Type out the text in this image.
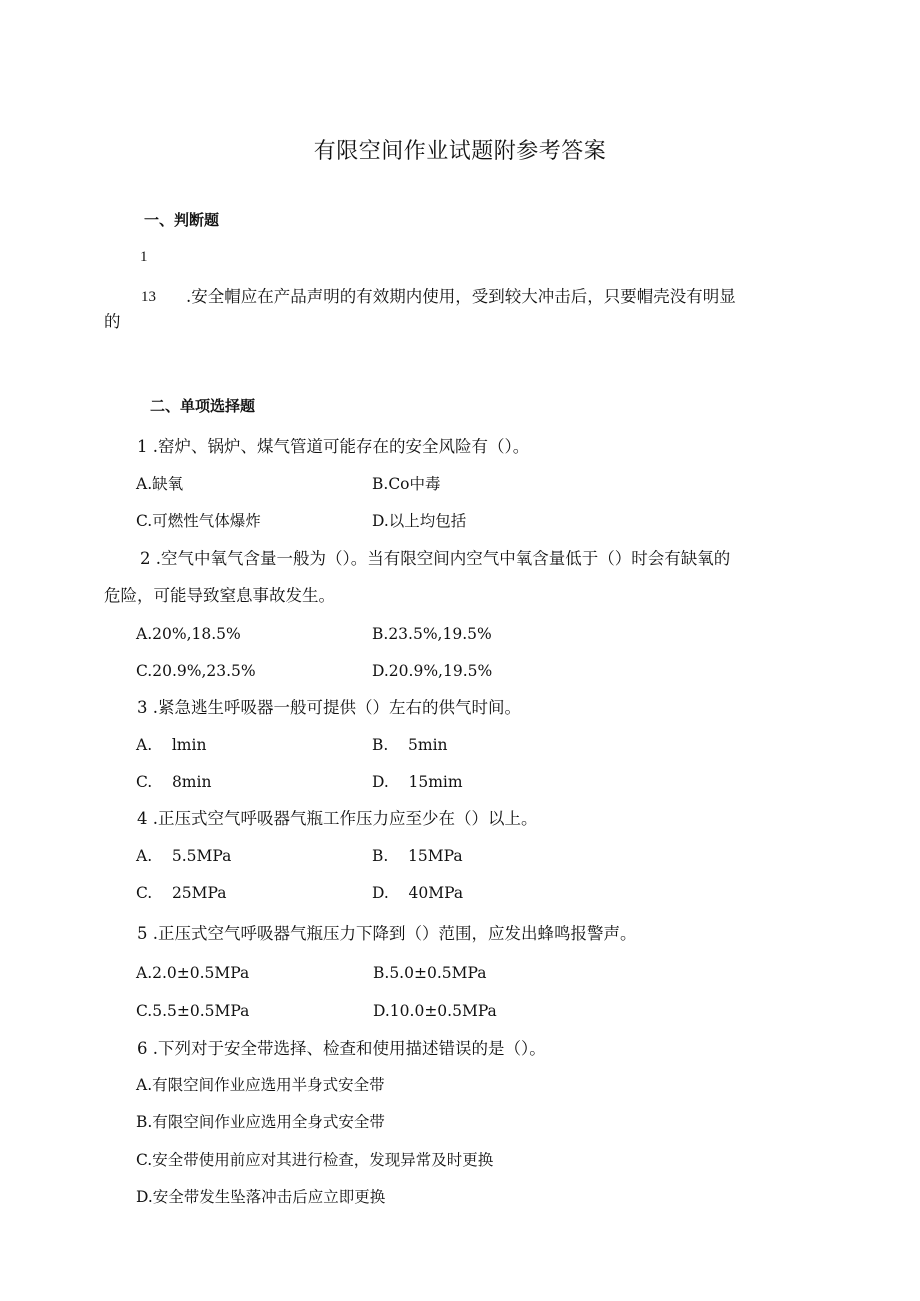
有限空间作业试题附参考答案
一、判断题
1
13 .安全帽应在产品声明的有效期内使用，受到较大冲击后，只要帽壳没有明显
的
二、单项选择题
1 .窑炉、锅炉、煤气管道可能存在的安全风险有（）。
A.缺氧	B.Co中毒
C.可燃性气体爆炸	D.以上均包括
2 .空气中氧气含量一般为（）。当有限空间内空气中氧含量低于（）时会有缺氧的
危险，可能导致窒息事故发生。
A.20%,18.5%	B.23.5%,19.5%
C.20.9%,23.5%	D.20.9%,19.5%
3 .紧急逃生呼吸器一般可提供（）左右的供气时间。
A.    lmin	B.    5min
C.    8min	D.    15mim
4 .正压式空气呼吸器气瓶工作压力应至少在（）以上。
A.    5.5MPa	B.    15MPa
C.    25MPa	D.    40MPa
5 .正压式空气呼吸器气瓶压力下降到（）范围，应发出蜂鸣报警声。
A.2.0±0.5MPa	B.5.0±0.5MPa
C.5.5±0.5MPa	D.10.0±0.5MPa
6 .下列对于安全带选择、检查和使用描述错误的是（）。
A.有限空间作业应选用半身式安全带
B.有限空间作业应选用全身式安全带
C.安全带使用前应对其进行检查，发现异常及时更换
D.安全带发生坠落冲击后应立即更换
